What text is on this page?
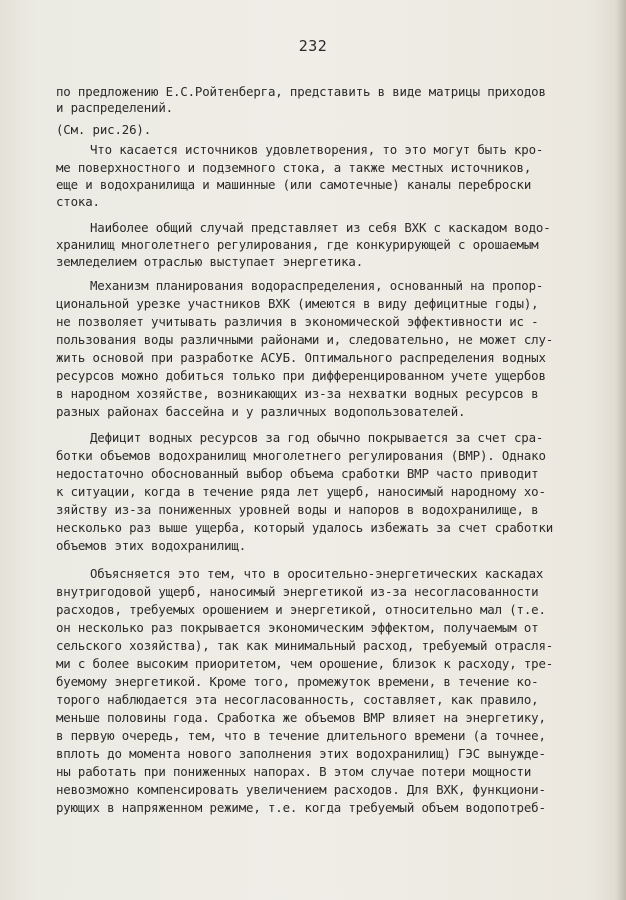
232
по предложению Е.С.Ройтенберга, представить в виде матрицы приходов
и распределений.
(См. рис.26).
Что касается источников удовлетворения, то это могут быть кро-
ме поверхностного и подземного стока, а также местных источников,
еще и водохранилища и машинные (или самотечные) каналы переброски
стока.
Наиболее общий случай представляет из себя ВХК с каскадом водо-
хранилищ многолетнего регулирования, где конкурирующей с орошаемым
земледелием отраслью выступает энергетика.
Механизм планирования водораспределения, основанный на пропор-
циональной урезке участников ВХК (имеются в виду дефицитные годы),
не позволяет учитывать различия в экономической эффективности ис -
пользования воды различными районами и, следовательно, не может слу-
жить основой при разработке АСУБ. Оптимального распределения водных
ресурсов можно добиться только при дифференцированном учете ущербов
в народном хозяйстве, возникающих из-за нехватки водных ресурсов в
разных районах бассейна и у различных водопользователей.
Дефицит водных ресурсов за год обычно покрывается за счет сра-
ботки объемов водохранилищ многолетнего регулирования (ВМР). Однако
недостаточно обоснованный выбор объема сработки ВМР часто приводит
к ситуации, когда в течение ряда лет ущерб, наносимый народному хо-
зяйству из-за пониженных уровней воды и напоров в водохранилище, в
несколько раз выше ущерба, который удалось избежать за счет сработки
объемов этих водохранилищ.
Объясняется это тем, что в оросительно-энергетических каскадах
внутригодовой ущерб, наносимый энергетикой из-за несогласованности
расходов, требуемых орошением и энергетикой, относительно мал (т.е.
он несколько раз покрывается экономическим эффектом, получаемым от
сельского хозяйства), так как минимальный расход, требуемый отрасля-
ми с более высоким приоритетом, чем орошение, близок к расходу, тре-
буемому энергетикой. Кроме того, промежуток времени, в течение ко-
торого наблюдается эта несогласованность, составляет, как правило,
меньше половины года. Сработка же объемов ВМР влияет на энергетику,
в первую очередь, тем, что в течение длительного времени (а точнее,
вплоть до момента нового заполнения этих водохранилищ) ГЭС вынужде-
ны работать при пониженных напорах. В этом случае потери мощности
невозможно компенсировать увеличением расходов. Для ВХК, функциони-
рующих в напряженном режиме, т.е. когда требуемый объем водопотреб-
